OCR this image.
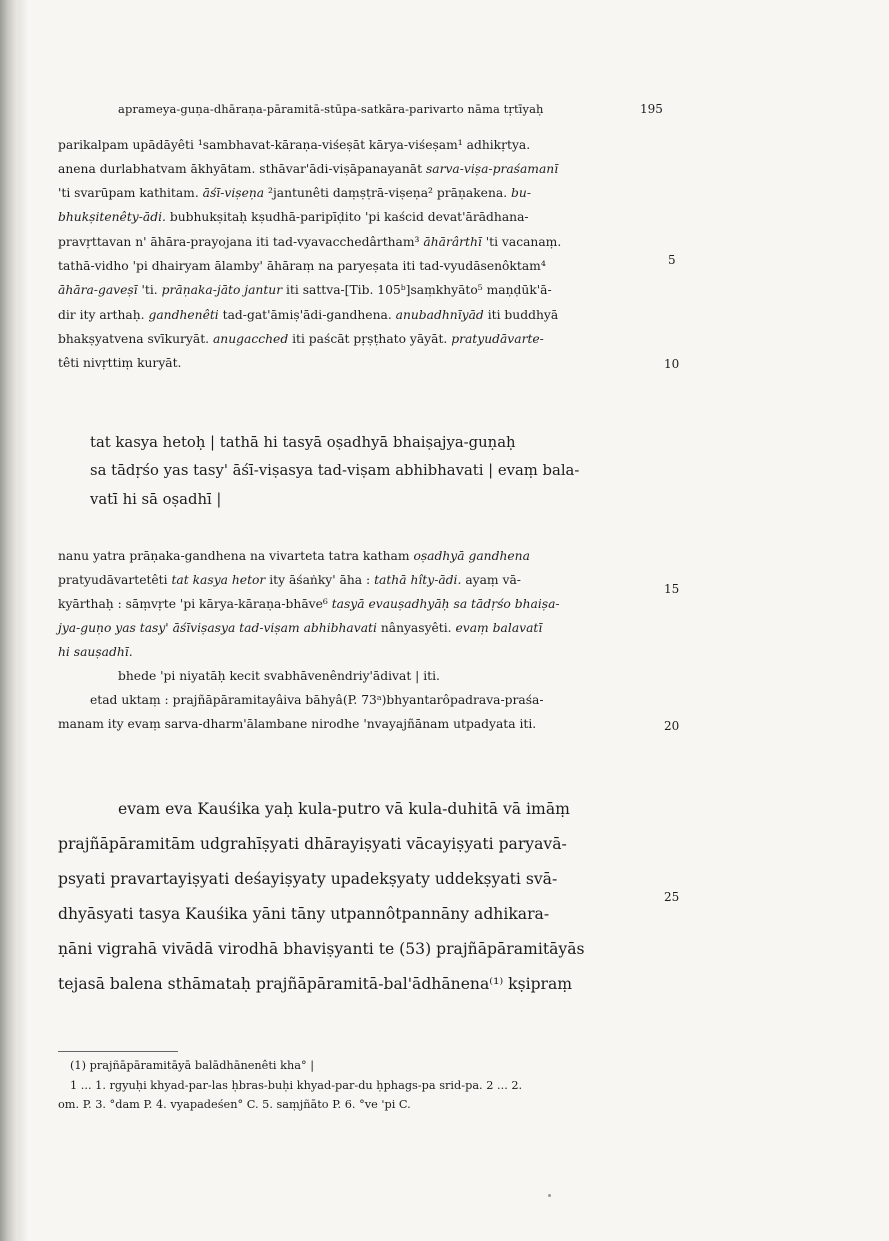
aprameya-guṇa-dhāraṇa-pāramitā-stūpa-satkāra-parivarto nāma tṛtīyaḥ	195
parikalpam upādāyêti ¹sambhavat-kāraṇa-viśeṣāt kārya-viśeṣam¹ adhikṛtya.
anena durlabhatvam ākhyātam. sthāvar'ādi-viṣāpanayanāt sarva-viṣa-praśamanī
'ti svarūpam kathitam. āśī-viṣeṇa ²jantunêti daṃṣṭrā-viṣeṇa² prāṇakena. bu-
bhukṣitenêty-ādi. bubhukṣitaḥ kṣudhā-paripīḍito 'pi kaścid devat'ārādhana-
pravṛttavan n' āhāra-prayojana iti tad-vyavacchedârtham³ āhārârthī 'ti vacanaṃ.
5
tathā-vidho 'pi dhairyam ālamby' āhāraṃ na paryeṣata iti tad-vyudāsenôktam⁴
āhāra-gaveṣī 'ti. prāṇaka-jāto jantur iti sattva-[Tib. 105ᵇ]saṃkhyāto⁵ maṇḍūk'ā-
dir ity arthaḥ. gandhenêti tad-gat'āmiṣ'ādi-gandhena. anubadhnīyād iti buddhyā
bhakṣyatvena svīkuryāt. anugacched iti paścāt pṛṣṭhato yāyāt. pratyudāvarte-
têti nivṛttiṃ kuryāt.	10
tat kasya hetoḥ | tathā hi tasyā oṣadhyā bhaiṣajya-guṇaḥ
sa tādṛśo yas tasy' āśī-viṣasya tad-viṣam abhibhavati | evaṃ bala-
vatī hi sā oṣadhī |
nanu yatra prāṇaka-gandhena na vivarteta tatra katham oṣadhyā gandhena
pratyudāvartetêti tat kasya hetor ity āśaṅky' āha : tathā hîty-ādi. ayaṃ vā-
15
kyārthaḥ : sāṃvṛte 'pi kārya-kāraṇa-bhāve⁶ tasyā evauṣadhyāḥ sa tādṛśo bhaiṣa-
jya-guṇo yas tasy' āśīviṣasya tad-viṣam abhibhavati nânyasyêti. evaṃ balavatī
hi sauṣadhī.
bhede 'pi niyatāḥ kecit svabhāvenêndriy'ādivat | iti.
etad uktaṃ : prajñāpāramitayâiva bāhyâ(P. 73ᵃ)bhyantarôpadrava-praśa-
20
manam ity evaṃ sarva-dharm'ālambane nirodhe 'nvayajñānam utpadyata iti.
evam eva Kauśika yaḥ kula-putro vā kula-duhitā vā imāṃ
prajñāpāramitām udgrahīṣyati dhārayiṣyati vācayiṣyati paryavā-
psyati pravartayiṣyati deśayiṣyaty upadekṣyaty uddekṣyati svā-
dhyāsyati tasya Kauśika yāni tāny utpannôtpannāny adhikara-
25
ṇāni vigrahā vivādā virodhā bhaviṣyanti te (53) prajñāpāramitāyās
tejasā balena sthāmataḥ prajñāpāramitā-bal'ādhānena⁽¹⁾ kṣipraṃ
(1) prajñāpāramitāyā balādhānenêti kha° |
1 ... 1. rgyuḥi khyad-par-las ḥbras-buḥi khyad-par-du ḥphags-pa srid-pa. 2 ... 2.
om. P. 3. °dam P. 4. vyapadeśen° C. 5. saṃjñāto P. 6. °ve 'pi C.
